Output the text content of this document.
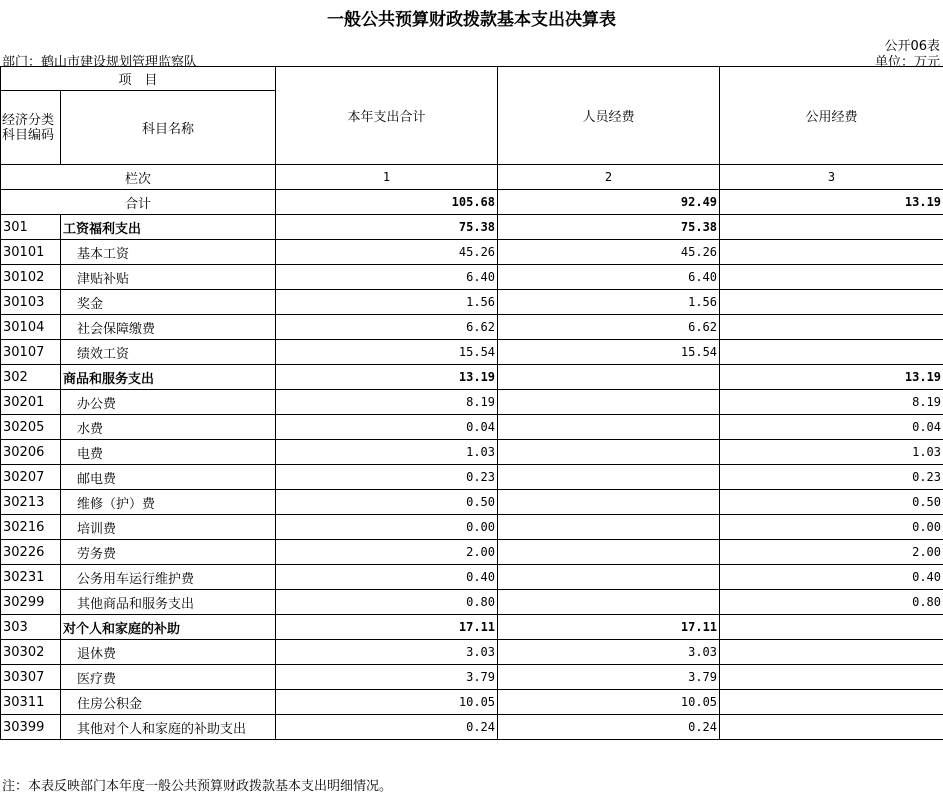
一般公共预算财政拨款基本支出决算表
公开06表
部门：鹤山市建设规划管理监察队	单位：万元
项　目		本年支出合计	人员经费	公用经费
经济分类科目编码	科目名称			
栏次		1	2	3
合计		105.68	92.49	13.19
301	工资福利支出	75.38	75.38	
30101	基本工资	45.26	45.26	
30102	津贴补贴	6.40	6.40	
30103	奖金	1.56	1.56	
30104	社会保障缴费	6.62	6.62	
30107	绩效工资	15.54	15.54	
302	商品和服务支出	13.19		13.19
30201	办公费	8.19		8.19
30205	水费	0.04		0.04
30206	电费	1.03		1.03
30207	邮电费	0.23		0.23
30213	维修（护）费	0.50		0.50
30216	培训费	0.00		0.00
30226	劳务费	2.00		2.00
30231	公务用车运行维护费	0.40		0.40
30299	其他商品和服务支出	0.80		0.80
303	对个人和家庭的补助	17.11	17.11	
30302	退休费	3.03	3.03	
30307	医疗费	3.79	3.79	
30311	住房公积金	10.05	10.05	
30399	其他对个人和家庭的补助支出	0.24	0.24	
注：本表反映部门本年度一般公共预算财政拨款基本支出明细情况。
